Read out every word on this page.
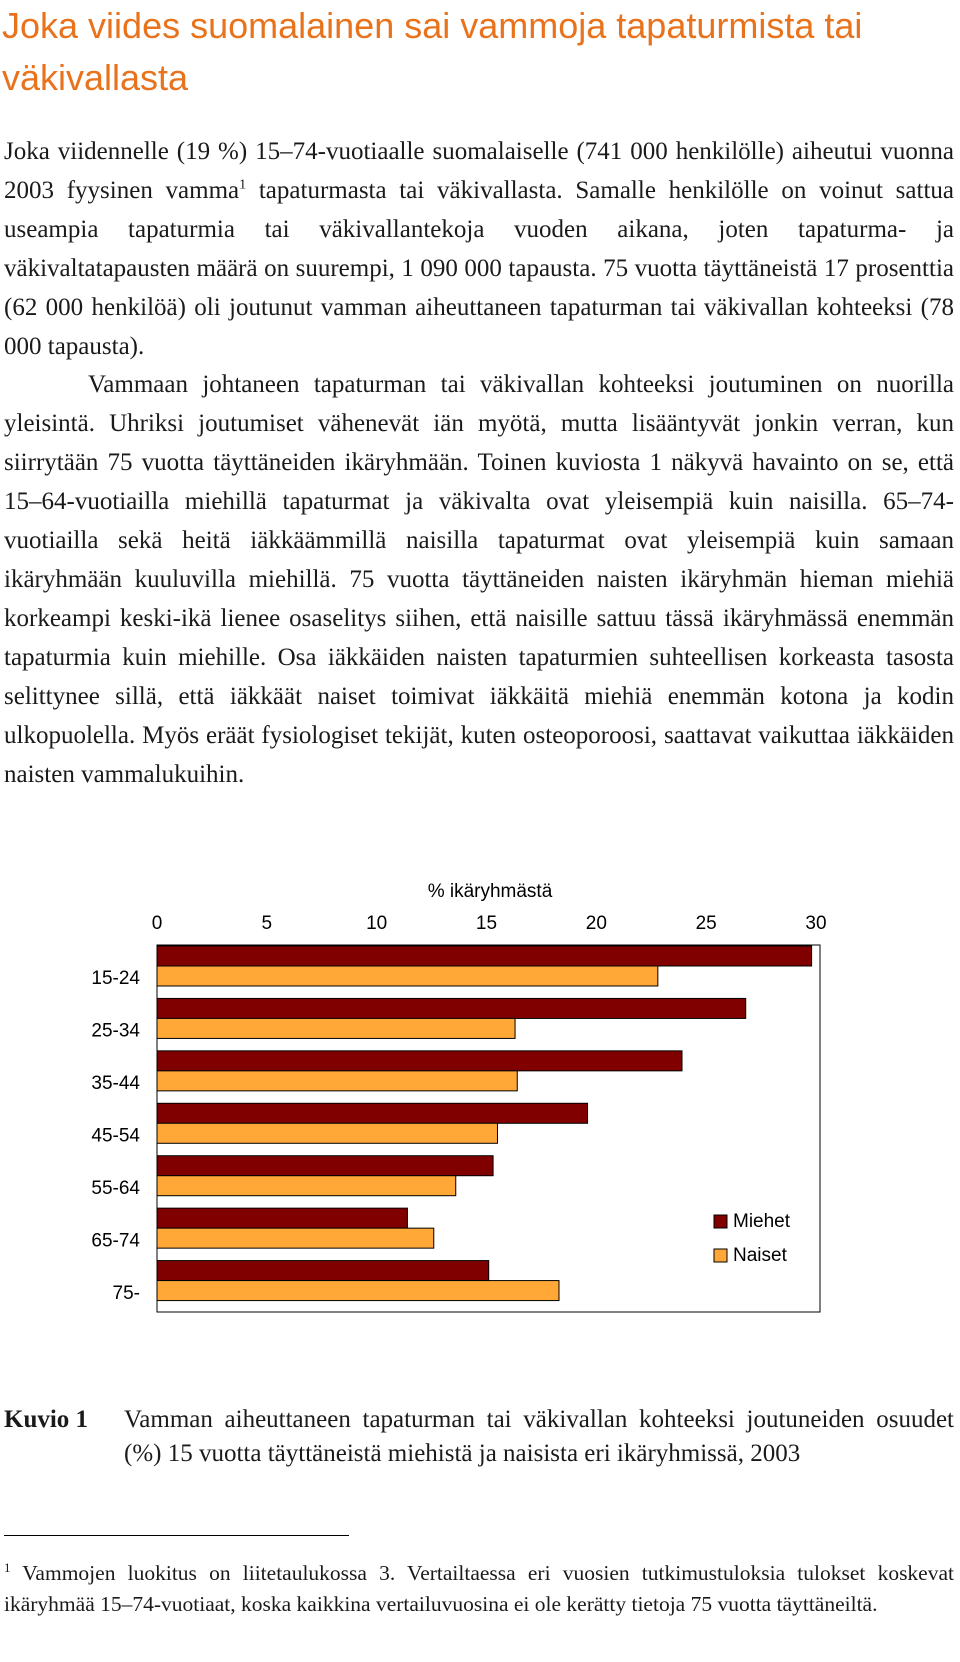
Joka viides suomalainen sai vammoja tapaturmista tai väkivallasta

Joka viidennelle (19 %) 15–74-vuotiaalle suomalaiselle (741 000 henkilölle) aiheutui vuonna 2003 fyysinen vamma$^1$ tapaturmasta tai väkivallasta. Samalle henkilölle on voinut sattua useampia tapaturmia tai väkivallantekoja vuoden aikana, joten tapaturma- ja väkivaltatapausten määrä on suurempi, 1 090 000 tapausta. 75 vuotta täyttäneistä 17 prosenttia (62 000 henkilöä) oli joutunut vamman aiheuttaneen tapaturman tai väkivallan kohteeksi (78 000 tapausta).

Vammaan johtaneen tapaturman tai väkivallan kohteeksi joutuminen on nuorilla yleisintä. Uhriksi joutumiset vähenevät iän myötä, mutta lisääntyvät jonkin verran, kun siirrytään 75 vuotta täyttäneiden ikäryhmään. Toinen kuviosta 1 näkyvä havainto on se, että 15–64-vuotiailla miehillä tapaturmat ja väkivalta ovat yleisempiä kuin naisilla. 65–74-vuotiailla sekä heitä iäkkäämmillä naisilla tapaturmat ovat yleisempiä kuin samaan ikäryhmään kuuluvilla miehillä. 75 vuotta täyttäneiden naisten ikäryhmän hieman miehiä korkeampi keski-ikä lienee osaselitys siihen, että naisille sattuu tässä ikäryhmässä enemmän tapaturmia kuin miehille. Osa iäkkäiden naisten tapaturmien suhteellisen korkeasta tasosta selittynee sillä, että iäkkäät naiset toimivat iäkkäitä miehiä enemmän kotona ja kodin ulkopuolella. Myös eräät fysiologiset tekijät, kuten osteoporoosi, saattavat vaikuttaa iäkkäiden naisten vammalukuihin.

% ikäryhmästä
0	5	10	15	20	25	30
15-24
25-34
35-44
45-54
55-64
65-74
75-
Miehet
Naiset
Kuvio 1 Vamman aiheuttaneen tapaturman tai väkivallan kohteeksi joutuneiden osuudet (%) 15 vuotta täyttäneistä miehistä ja naisista eri ikäryhmissä, 2003

$^1$ Vammojen luokitus on liitetaulukossa 3. Vertailtaessa eri vuosien tutkimustuloksia tulokset koskevat ikäryhmää 15–74-vuotiaat, koska kaikkina vertailuvuosina ei ole kerätty tietoja 75 vuotta täyttäneiltä.
